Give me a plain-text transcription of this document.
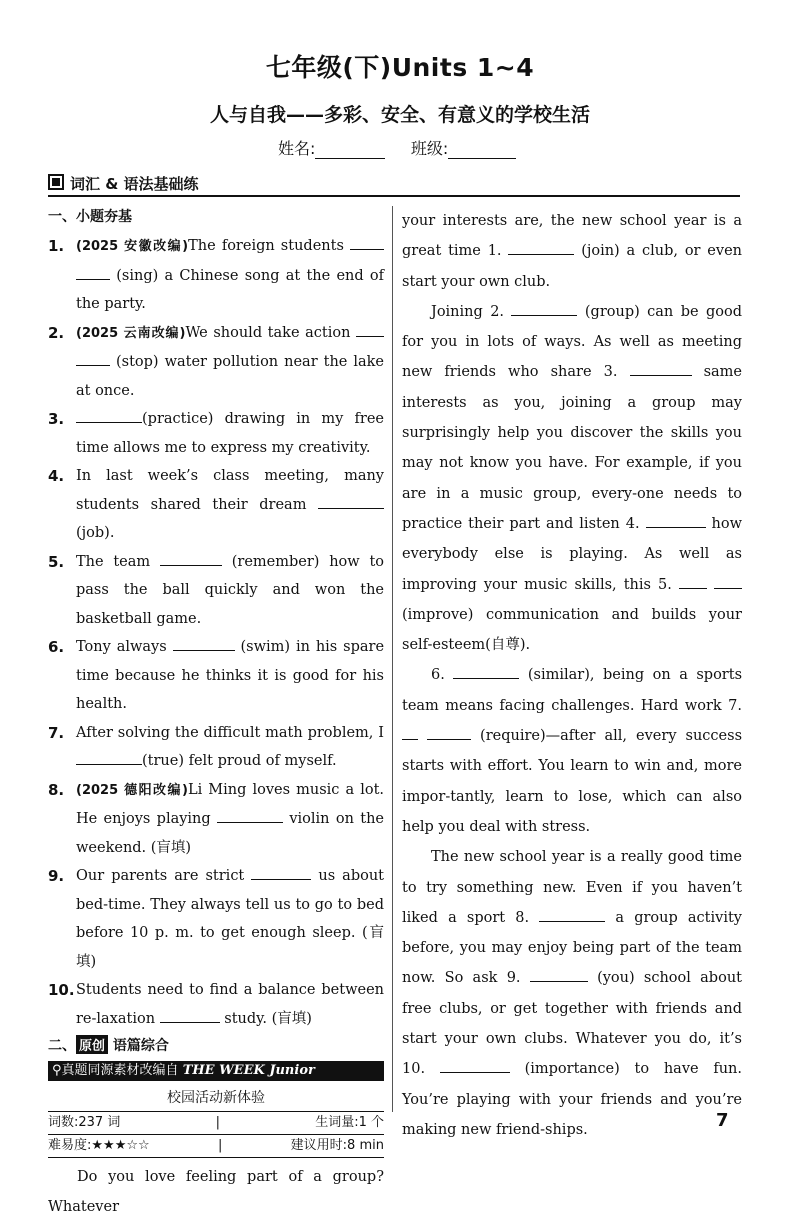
七年级(下)Units 1~4
人与自我——多彩、安全、有意义的学校生活
姓名:	班级:
词汇 & 语法基础练
一、小题夯基
1. (2025 安徽改编)The foreign students   (sing) a Chinese song at the end of the party.
2. (2025 云南改编)We should take action   (stop) water pollution near the lake at once.
3.	(practice) drawing in my free time allows me to express my creativity.
4. In last week’s class meeting, many students shared their dream  (job).
5. The team	(remember) how to pass the ball quickly and won the basketball game.
6. Tony always	(swim) in his spare time because he thinks it is good for his health.
7. After solving the difficult math problem, I (true) felt proud of myself.
8. (2025 德阳改编)Li Ming loves music a lot. He enjoys playing	violin on the weekend. (盲填)
9. Our parents are strict	us about bed-time. They always tell us to go to bed before 10 p. m. to get enough sleep. (盲填)
10. Students need to find a balance between re-laxation	study. (盲填)
二、 原创 语篇综合
⚲真题同源素材改编自 THE WEEK Junior
校园活动新体验
词数:237 词	|	生词量:1 个
难易度:★★★☆☆	|	建议用时:8 min

Do you love feeling part of a group? Whatever

your interests are, the new school year is a great time 1.	(join) a club, or even start your own club.

Joining 2.	(group) can be good for you in lots of ways. As well as meeting new friends who share 3.	same interests as you, joining a group may surprisingly help you discover the skills you may not know you have. For example, if you are in a music group, every-one needs to practice their part and listen 4.	how everybody else is playing. As well as improving your music skills, this 5.   (improve) communication and builds your self-esteem(自尊).

6.	(similar), being on a sports team means facing challenges. Hard work 7.   (require)—after all, every success starts with effort. You learn to win and, more impor-tantly, learn to lose, which can also help you deal with stress.

The new school year is a really good time to try something new. Even if you haven’t liked a sport 8.	a group activity before, you may enjoy being part of the team now. So ask 9.	(you) school about free clubs, or get together with friends and start your own clubs. Whatever you do, it’s 10.	(importance) to have fun. You’re playing with your friends and you’re making new friend-ships.	7
